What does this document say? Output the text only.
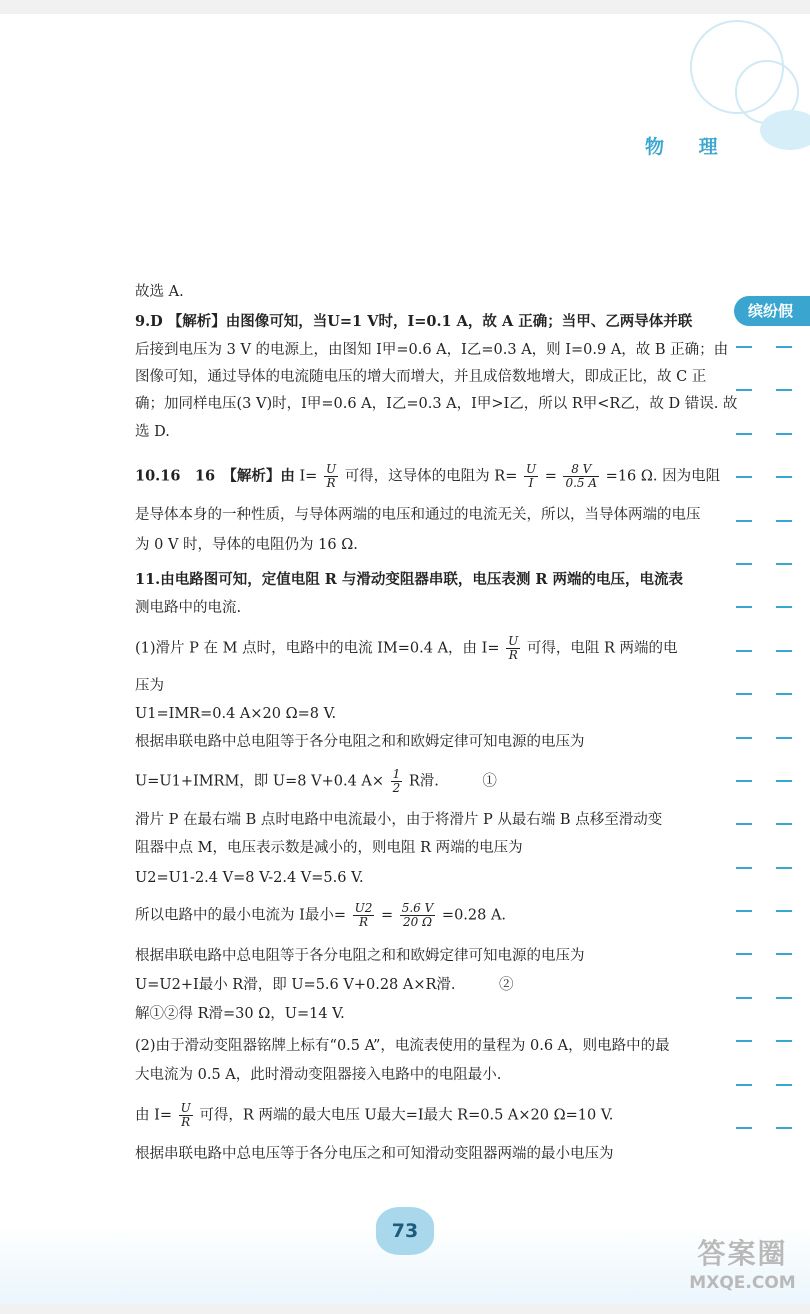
物 理
缤纷假
故选 A.
9.D 【解析】由图像可知，当U=1 V时，I=0.1 A，故 A 正确；当甲、乙两导体并联
后接到电压为 3 V 的电源上，由图知 I甲=0.6 A，I乙=0.3 A，则 I=0.9 A，故 B 正确；由
图像可知，通过导体的电流随电压的增大而增大，并且成倍数地增大，即成正比，故 C 正
确；加同样电压(3 V)时，I甲=0.6 A，I乙=0.3 A，I甲>I乙，所以 R甲<R乙，故 D 错误. 故
选 D.
10.16　16　【解析】由 $I= \frac{U}{R}$ 可得，这导体的电阻为 $R= \frac{U}{I} = \frac{8 V}{0.5 A} =16$ Ω. 因为电阻
是导体本身的一种性质，与导体两端的电压和通过的电流无关，所以，当导体两端的电压
为 0 V 时，导体的电阻仍为 16 Ω.
11.由电路图可知，定值电阻 R 与滑动变阻器串联，电压表测 R 两端的电压，电流表
测电路中的电流.
(1)滑片 P 在 M 点时，电路中的电流 IM=0.4 A，由 $I= \frac{U}{R}$ 可得，电阻 R 两端的电
压为
U1=IMR=0.4 A×20 Ω=8 V.
根据串联电路中总电阻等于各分电阻之和和欧姆定律可知电源的电压为
U=U1+IMRM，即 U=8 V+0.4 $A\times \frac{1}{2}$ R滑.　　　①
滑片 P 在最右端 B 点时电路中电流最小，由于将滑片 P 从最右端 B 点移至滑动变
阻器中点 M，电压表示数是减小的，则电阻 R 两端的电压为
U2=U1-2.4 V=8 V-2.4 V=5.6 V.
所以电路中的最小电流为 I最小= $\frac{U2}{R} = \frac{5.6 V}{20 \Omega} =0.28$ A.
根据串联电路中总电阻等于各分电阻之和和欧姆定律可知电源的电压为
U=U2+I最小 R滑，即 U=5.6 V+0.28 A×R滑.　　　②
解①②得 R滑=30 Ω，U=14 V.
(2)由于滑动变阻器铭牌上标有“0.5 A”，电流表使用的量程为 0.6 A，则电路中的最
大电流为 0.5 A，此时滑动变阻器接入电路中的电阻最小.
由 $I= \frac{U}{R}$ 可得，R 两端的最大电压 U最大=I最大 R=0.5 A×20 Ω=10 V.
根据串联电路中总电压等于各分电压之和可知滑动变阻器两端的最小电压为
73
答案圈
MXQE.COM
